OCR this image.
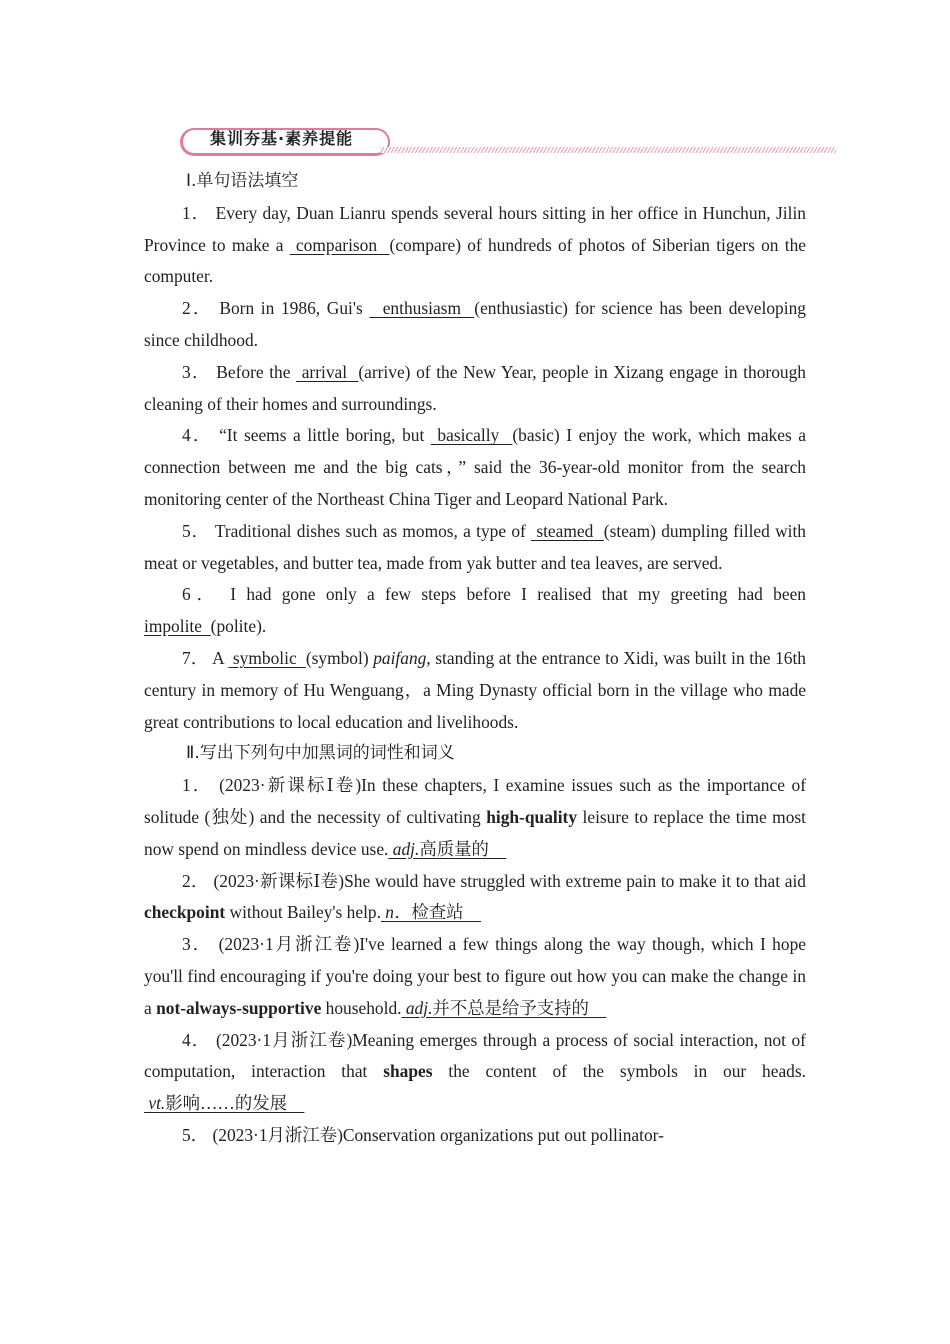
集训夯基·素养提能

Ⅰ.单句语法填空

1． Every day, Duan Lianru spends several hours sitting in her office in Hunchun, Jilin Province to make a  comparison  (compare) of hundreds of photos of Siberian tigers on the computer.

2． Born in 1986, Gui's   enthusiasm  (enthusiastic) for science has been developing since childhood.

3． Before the  arrival  (arrive) of the New Year, people in Xizang engage in thorough cleaning of their homes and surroundings.

4． “It seems a little boring, but  basically  (basic) I enjoy the work, which makes a connection between me and the big cats，” said the 36-year-old monitor from the search monitoring center of the Northeast China Tiger and Leopard National Park.

5． Traditional dishes such as momos, a type of  steamed  (steam) dumpling filled with meat or vegetables, and butter tea, made from yak butter and tea leaves, are served.

6． I had gone only a few steps before I realised that my greeting had been impolite  (polite).

7． A  symbolic  (symbol) paifang, standing at the entrance to Xidi, was built in the 16th century in memory of Hu Wenguang，a Ming Dynasty official born in the village who made great contributions to local education and livelihoods.

Ⅱ.写出下列句中加黑词的词性和词义

1． (2023·新课标Ⅰ卷)In these chapters, I examine issues such as the importance of solitude (独处) and the necessity of cultivating high-quality leisure to replace the time most now spend on mindless device use. adj.高质量的

2． (2023·新课标Ⅰ卷)She would have struggled with extreme pain to make it to that aid checkpoint without Bailey's help. n．检查站

3． (2023·1月浙江卷)I've learned a few things along the way though, which I hope you'll find encouraging if you're doing your best to figure out how you can make the change in a not-always-supportive household. adj.并不总是给予支持的

4． (2023·1月浙江卷)Meaning emerges through a process of social interaction, not of computation, interaction that shapes the content of the symbols in our heads. vt.影响……的发展

5． (2023·1月浙江卷)Conservation organizations put out pollinator-
